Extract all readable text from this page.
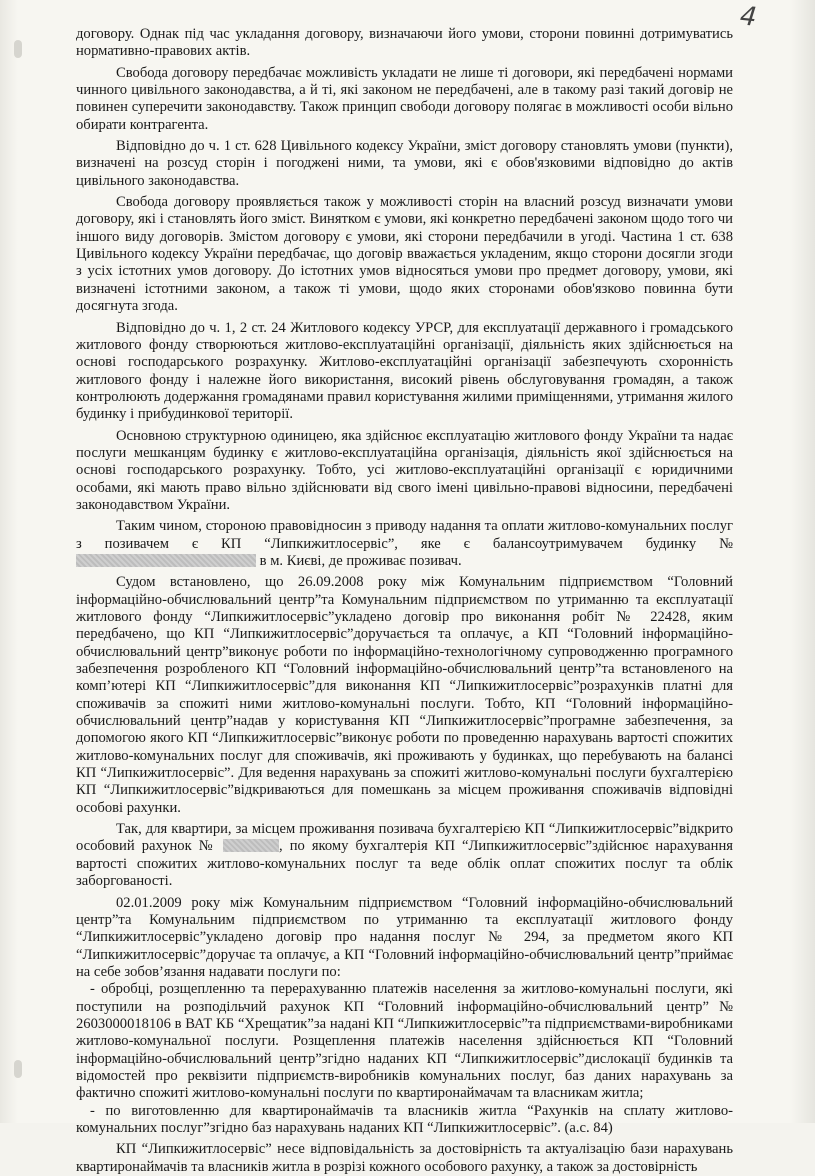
4

договору. Однак під час укладання договору, визначаючи його умови, сторони повинні дотримуватись нормативно-правових актів.

Свобода договору передбачає можливість укладати не лише ті договори, які передбачені нормами чинного цивільного законодавства, а й ті, які законом не передбачені, але в такому разі такий договір не повинен суперечити законодавству. Також принцип свободи договору полягає в можливості особи вільно обирати контрагента.

Відповідно до ч. 1 ст. 628 Цивільного кодексу України, зміст договору становлять умови (пункти), визначені на розсуд сторін і погоджені ними, та умови, які є обов'язковими відповідно до актів цивільного законодавства.

Свобода договору проявляється також у можливості сторін на власний розсуд визначати умови договору, які і становлять його зміст. Винятком є умови, які конкретно передбачені законом щодо того чи іншого виду договорів. Змістом договору є умови, які сторони передбачили в угоді. Частина 1 ст. 638 Цивільного кодексу України передбачає, що договір вважається укладеним, якщо сторони досягли згоди з усіх істотних умов договору. До істотних умов відносяться умови про предмет договору, умови, які визначені істотними законом, а також ті умови, щодо яких сторонами обов'язково повинна бути досягнута згода.

Відповідно до ч. 1, 2 ст. 24 Житлового кодексу УРСР, для експлуатації державного і громадського житлового фонду створюються житлово-експлуатаційні організації, діяльність яких здійснюється на основі господарського розрахунку. Житлово-експлуатаційні організації забезпечують схоронність житлового фонду і належне його використання, високий рівень обслуговування громадян, а також контролюють додержання громадянами правил користування жилими приміщеннями, утримання жилого будинку і прибудинкової території.

Основною структурною одиницею, яка здійснює експлуатацію житлового фонду України та надає послуги мешканцям будинку є житлово-експлуатаційна організація, діяльність якої здійснюється на основі господарського розрахунку. Тобто, усі житлово-експлуатаційні організації є юридичними особами, які мають право вільно здійснювати від свого імені цивільно-правові відносини, передбачені законодавством України.

Таким чином, стороною правовідносин з приводу надання та оплати житлово-комунальних послуг з позивачем є КП “Липкижитлосервіс”, яке є балансоутримувачем будинку №  в м. Києві, де проживає позивач.

Судом встановлено, що 26.09.2008 року між Комунальним підприємством “Головний інформаційно-обчислювальний центр”та Комунальним підприємством по утриманню та експлуатації житлового фонду “Липкижитлосервіс”уклaдено договір про виконання робіт № 22428, яким передбачено, що КП “Липкижитлосервіс”доручається та оплачує, а КП “Головний інформаційно-обчислювальний центр”виконує роботи по інформаційно-технологічному супроводженню програмного забезпечення розробленого КП “Головний інформаційно-обчислювальний центр”та встановленого на комп’ютері КП “Липкижитлосервіс”для виконання КП “Липкижитлосервіс”розрахунків платні для споживачів за спожиті ними житлово-комунальні послуги. Тобто, КП “Головний інформаційно-обчислювальний центр”надав у користування КП “Липкижитлосервіс”програмне забезпечення, за допомогою якого КП “Липкижитлосервіс”виконує роботи по проведенню нарахувань вартості спожитих житлово-комунальних послуг для споживачів, які проживають у будинках, що перебувають на балансі КП “Липкижитлосервіс”. Для ведення нарахувань за спожиті житлово-комунальні послуги бухгалтерією КП “Липкижитлосервіс”відкриваються для помешкань за місцем проживання споживачів відповідні особові рахунки.

Так, для квартири, за місцем проживання позивача бухгалтерією КП “Липкижитлосервіс”відкрито особовий рахунок №	, по якому бухгалтерія КП “Липкижитлосервіс”здійснює нарахування вартості спожитих житлово-комунальних послуг та веде облік оплат спожитих послуг та облік заборгованості.

02.01.2009 року між Комунальним підприємством “Головний інформаційно-обчислювальний центр”та Комунальним підприємством по утриманню та експлуатації житлового фонду “Липкижитлосервіс”уклaдено договір про надання послуг № 294, за предметом якого КП “Липкижитлосервіс”доручає та оплачує, а КП “Головний інформаційно-обчислювальний центр”приймає на себе зобов’язання надавати послуги по:

- обробці, розщепленню та перерахуванню платежів населення за житлово-комунальні послуги, які поступили на розподільчий рахунок КП “Головний інформаційно-обчислювальний центр”№ 2603000018106 в ВАТ КБ “Хрещатик”за надані КП “Липкижитлосервіс”та підприємствами-виробниками житлово-комунальної послуги. Розщеплення платежів населення здійснюється КП “Головний інформаційно-обчислювальний центр”згідно наданих КП “Липкижитлосервіс”дислокації будинків та відомостей про реквізити підприємств-виробників комунальних послуг, баз даних нарахувань за фактично спожиті житлово-комунальні послуги по квартиронаймачам та власникам житла;

- по виготовленню для квартиронаймачів та власників житла “Рахунків на сплату житлово-комунальних послуг”згідно баз нарахувань наданих КП “Липкижитлосервіс”. (а.с. 84)

КП “Липкижитлосервіс” несе відповідальність за достовірність та актуалізацію бази нарахувань квартиронаймачів та власників житла в розрізі кожного особового рахунку, а також за достовірність
